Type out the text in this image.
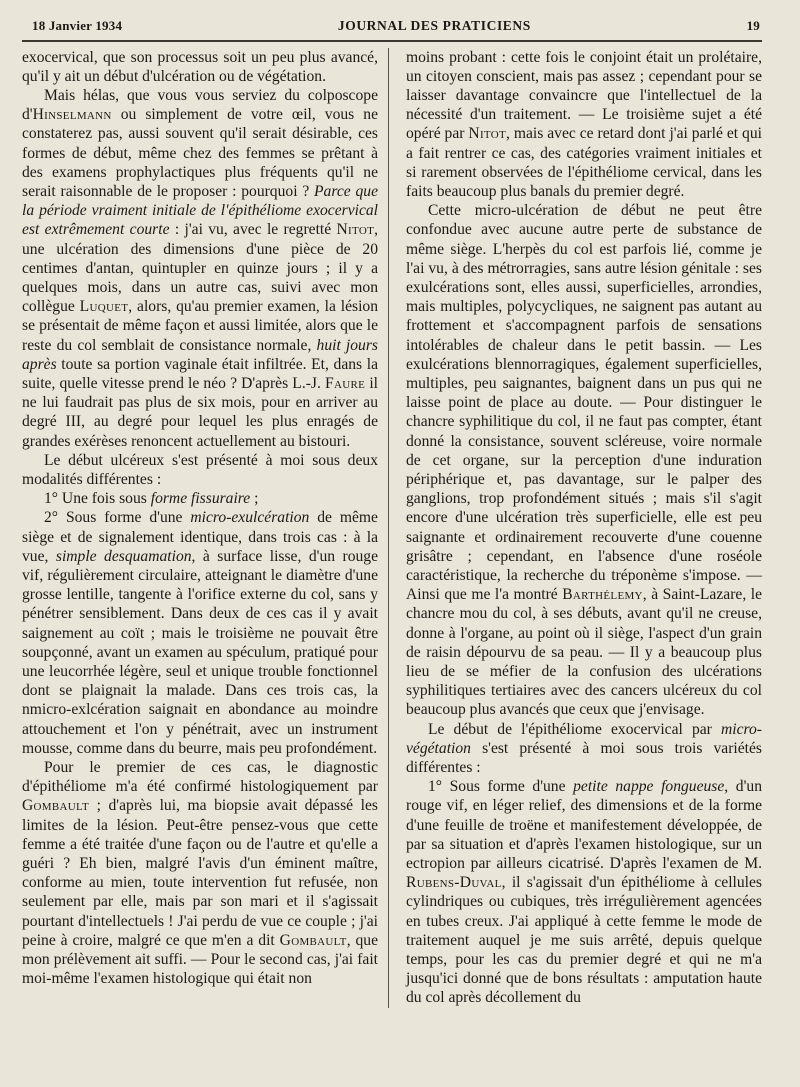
18 Janvier 1934	JOURNAL DES PRATICIENS	19

exocervical, que son processus soit un peu plus avancé, qu'il y ait un début d'ulcération ou de végétation.

Mais hélas, que vous vous serviez du colposcope d'Hinselmann ou simplement de votre œil, vous ne constaterez pas, aussi souvent qu'il serait désirable, ces formes de début, même chez des femmes se prêtant à des examens prophylactiques plus fréquents qu'il ne serait raisonnable de le proposer : pourquoi ? Parce que la période vraiment initiale de l'épithéliome exocervical est extrêmement courte : j'ai vu, avec le regretté Nitot, une ulcération des dimensions d'une pièce de 20 centimes d'antan, quintupler en quinze jours ; il y a quelques mois, dans un autre cas, suivi avec mon collègue Luquet, alors, qu'au premier examen, la lésion se présentait de même façon et aussi limitée, alors que le reste du col semblait de consistance normale, huit jours après toute sa portion vaginale était infiltrée. Et, dans la suite, quelle vitesse prend le néo ? D'après L.-J. Faure il ne lui faudrait pas plus de six mois, pour en arriver au degré III, au degré pour lequel les plus enragés de grandes exérèses renoncent actuellement au bistouri.

Le début ulcéreux s'est présenté à moi sous deux modalités différentes :

1° Une fois sous forme fissuraire ;

2° Sous forme d'une micro-exulcération de même siège et de signalement identique, dans trois cas : à la vue, simple desquamation, à surface lisse, d'un rouge vif, régulièrement circulaire, atteignant le diamètre d'une grosse lentille, tangente à l'orifice externe du col, sans y pénétrer sensiblement. Dans deux de ces cas il y avait saignement au coït ; mais le troisième ne pouvait être soupçonné, avant un examen au spéculum, pratiqué pour une leucorrhée légère, seul et unique trouble fonctionnel dont se plaignait la malade. Dans ces trois cas, la nmicro-exlcération saignait en abondance au moindre attouchement et l'on y pénétrait, avec un instrument mousse, comme dans du beurre, mais peu profondément.

Pour le premier de ces cas, le diagnostic d'épithéliome m'a été confirmé histologiquement par Gombault ; d'après lui, ma biopsie avait dépassé les limites de la lésion. Peut-être pensez-vous que cette femme a été traitée d'une façon ou de l'autre et qu'elle a guéri ? Eh bien, malgré l'avis d'un éminent maître, conforme au mien, toute intervention fut refusée, non seulement par elle, mais par son mari et il s'agissait pourtant d'intellectuels ! J'ai perdu de vue ce couple ; j'ai peine à croire, malgré ce que m'en a dit Gombault, que mon prélèvement ait suffi. — Pour le second cas, j'ai fait moi-même l'examen histologique qui était non

moins probant : cette fois le conjoint était un prolétaire, un citoyen conscient, mais pas assez ; cependant pour se laisser davantage convaincre que l'intellectuel de la nécessité d'un traitement. — Le troisième sujet a été opéré par Nitot, mais avec ce retard dont j'ai parlé et qui a fait rentrer ce cas, des catégories vraiment initiales et si rarement observées de l'épithéliome cervical, dans les faits beaucoup plus banals du premier degré.

Cette micro-ulcération de début ne peut être confondue avec aucune autre perte de substance de même siège. L'herpès du col est parfois lié, comme je l'ai vu, à des métrorragies, sans autre lésion génitale : ses exulcérations sont, elles aussi, superficielles, arrondies, mais multiples, polycycliques, ne saignent pas autant au frottement et s'accompagnent parfois de sensations intolérables de chaleur dans le petit bassin. — Les exulcérations blennorragiques, également superficielles, multiples, peu saignantes, baignent dans un pus qui ne laisse point de place au doute. — Pour distinguer le chancre syphilitique du col, il ne faut pas compter, étant donné la consistance, souvent scléreuse, voire normale de cet organe, sur la perception d'une induration périphérique et, pas davantage, sur le palper des ganglions, trop profondément situés ; mais s'il s'agit encore d'une ulcération très superficielle, elle est peu saignante et ordinairement recouverte d'une couenne grisâtre ; cependant, en l'absence d'une roséole caractéristique, la recherche du tréponème s'impose. — Ainsi que me l'a montré Barthélemy, à Saint-Lazare, le chancre mou du col, à ses débuts, avant qu'il ne creuse, donne à l'organe, au point où il siège, l'aspect d'un grain de raisin dépourvu de sa peau. — Il y a beaucoup plus lieu de se méfier de la confusion des ulcérations syphilitiques tertiaires avec des cancers ulcéreux du col beaucoup plus avancés que ceux que j'envisage.

Le début de l'épithéliome exocervical par micro-végétation s'est présenté à moi sous trois variétés différentes :

1° Sous forme d'une petite nappe fongueuse, d'un rouge vif, en léger relief, des dimensions et de la forme d'une feuille de troëne et manifestement développée, de par sa situation et d'après l'examen histologique, sur un ectropion par ailleurs cicatrisé. D'après l'examen de M. Rubens-Duval, il s'agissait d'un épithéliome à cellules cylindriques ou cubiques, très irrégulièrement agencées en tubes creux. J'ai appliqué à cette femme le mode de traitement auquel je me suis arrêté, depuis quelque temps, pour les cas du premier degré et qui ne m'a jusqu'ici donné que de bons résultats : amputation haute du col après décollement du
